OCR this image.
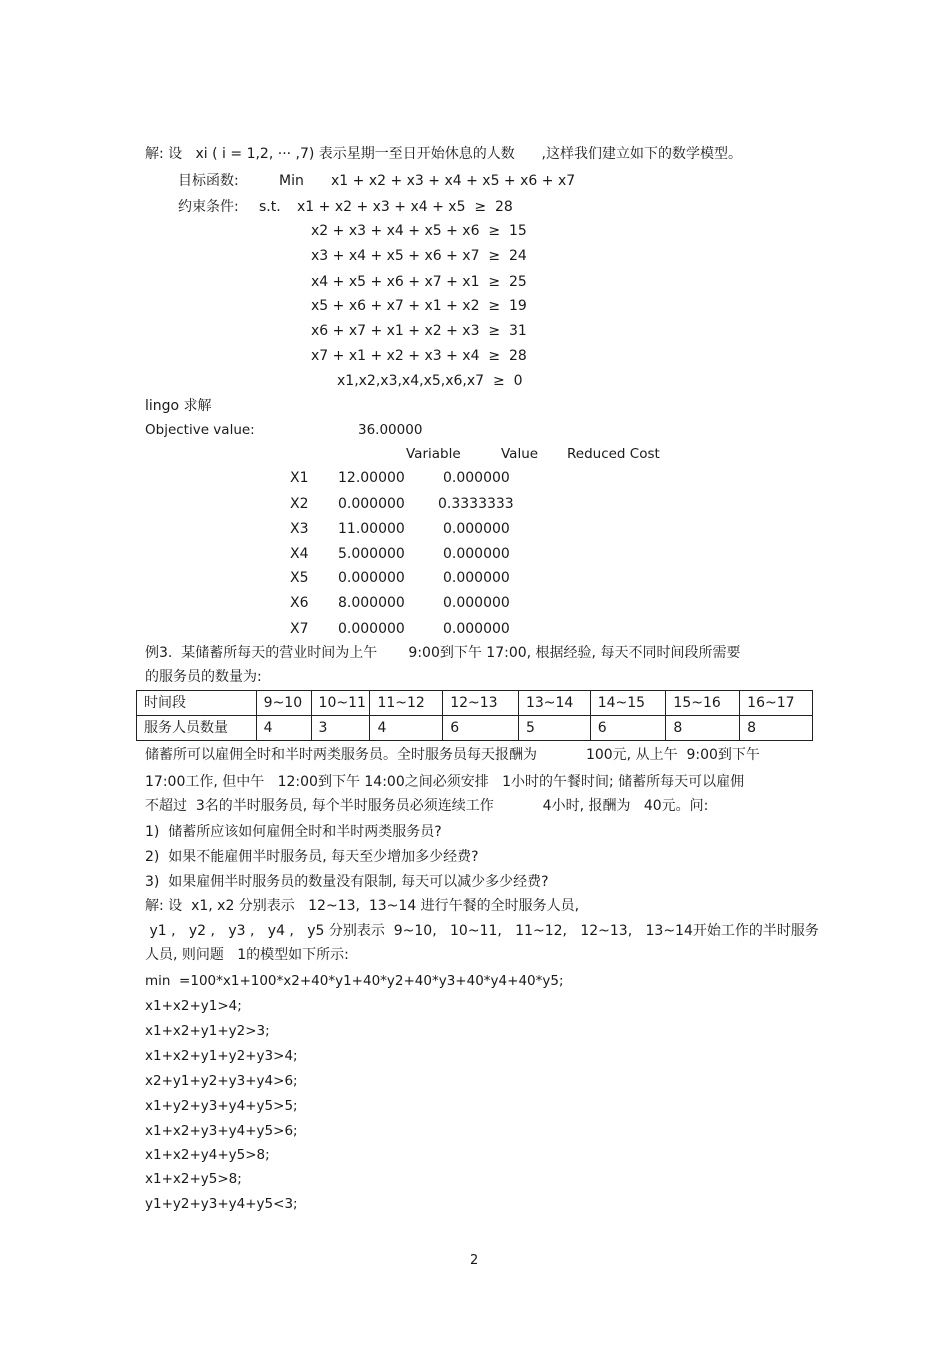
解: 设   xi ( i = 1,2, ··· ,7) 表示星期一至日开始休息的人数      ,这样我们建立如下的数学模型。
目标函数:	Min x1 + x2 + x3 + x4 + x5 + x6 + x7
约束条件: s.t. x1 + x2 + x3 + x4 + x5  ≥  28
x2 + x3 + x4 + x5 + x6  ≥  15
x3 + x4 + x5 + x6 + x7  ≥  24
x4 + x5 + x6 + x7 + x1  ≥  25
x5 + x6 + x7 + x1 + x2  ≥  19
x6 + x7 + x1 + x2 + x3  ≥  31
x7 + x1 + x2 + x3 + x4  ≥  28
x1,x2,x3,x4,x5,x6,x7  ≥  0
lingo 求解
Objective value:	36.00000
Variable	Value Reduced Cost
X1 12.00000	0.000000
X2 0.000000 0.3333333
X3 11.00000	0.000000
X4 5.000000	0.000000
X5 0.000000	0.000000
X6 8.000000	0.000000
X7 0.000000	0.000000
例3.  某储蓄所每天的营业时间为上午       9:00到下午 17:00, 根据经验, 每天不同时间段所需要
的服务员的数量为:
时间段	9~10	10~11	11~12	12~13	13~14	14~15	15~16	16~17
服务人员数量	4	3	4	6	5	6	8	8
储蓄所可以雇佣全时和半时两类服务员。全时服务员每天报酬为           100元, 从上午  9:00到下午
17:00工作, 但中午   12:00到下午 14:00之间必须安排   1小时的午餐时间; 储蓄所每天可以雇佣
不超过  3名的半时服务员, 每个半时服务员必须连续工作           4小时, 报酬为   40元。问:
1)  储蓄所应该如何雇佣全时和半时两类服务员?
2)  如果不能雇佣半时服务员, 每天至少增加多少经费?
3)  如果雇佣半时服务员的数量没有限制, 每天可以减少多少经费?
解: 设  x1, x2 分别表示   12~13,  13~14 进行午餐的全时服务人员,
y1 ,   y2 ,   y3 ,   y4 ,   y5 分别表示  9~10,   10~11,   11~12,   12~13,   13~14开始工作的半时服务
人员, 则问题   1的模型如下所示:
min  =100*x1+100*x2+40*y1+40*y2+40*y3+40*y4+40*y5;
x1+x2+y1>4;
x1+x2+y1+y2>3;
x1+x2+y1+y2+y3>4;
x2+y1+y2+y3+y4>6;
x1+y2+y3+y4+y5>5;
x1+x2+y3+y4+y5>6;
x1+x2+y4+y5>8;
x1+x2+y5>8;
y1+y2+y3+y4+y5<3;
2
